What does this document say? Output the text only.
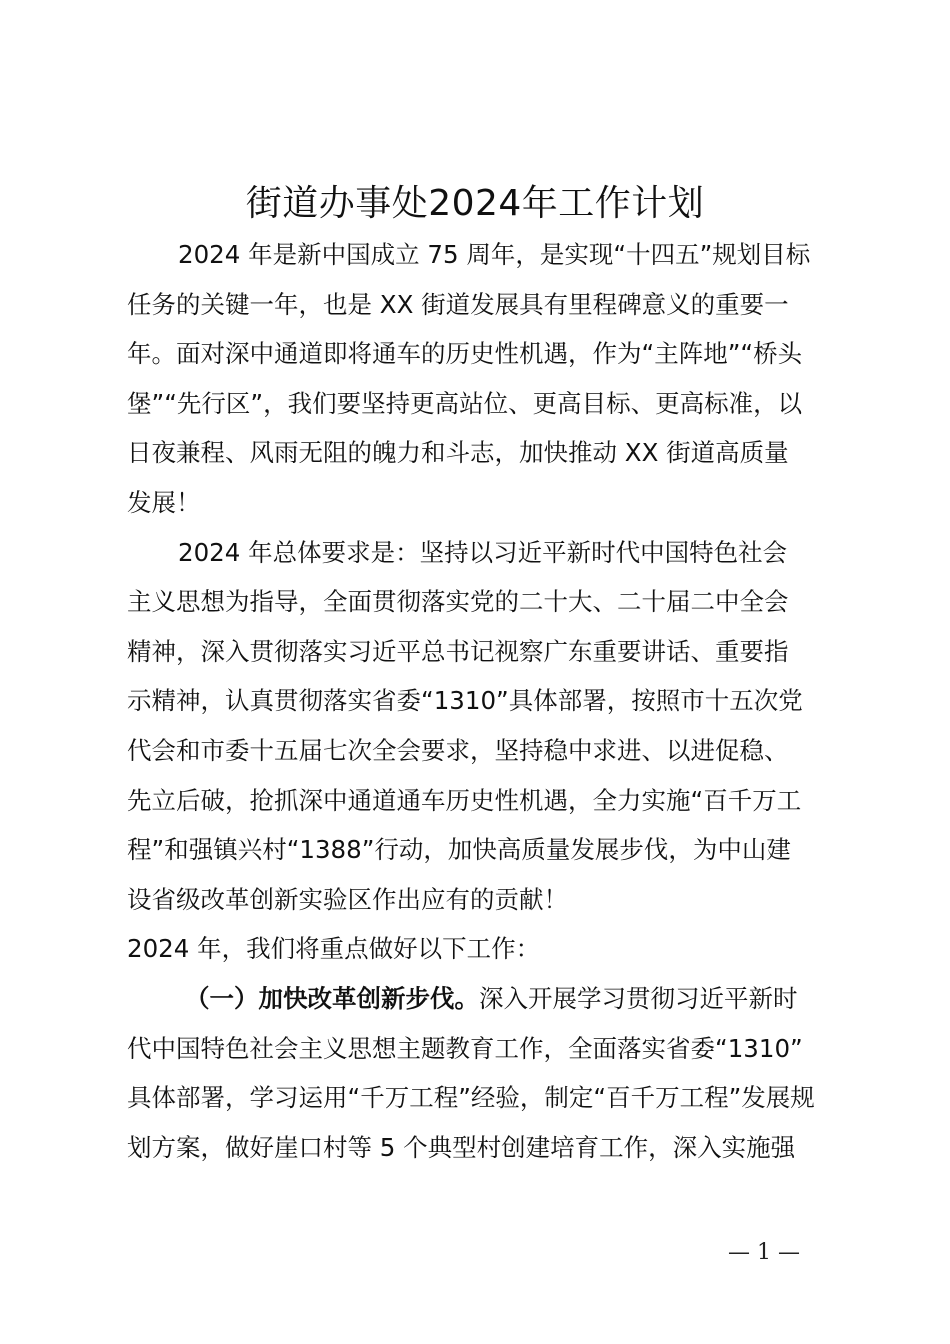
街道办事处2024年工作计划
2024 年是新中国成立 75 周年，是实现“十四五”规划目标
任务的关键一年，也是 XX 街道发展具有里程碑意义的重要一
年。面对深中通道即将通车的历史性机遇，作为“主阵地”“桥头
堡”“先行区”，我们要坚持更高站位、更高目标、更高标准，以
日夜兼程、风雨无阻的魄力和斗志，加快推动 XX 街道高质量
发展！
2024 年总体要求是：坚持以习近平新时代中国特色社会
主义思想为指导，全面贯彻落实党的二十大、二十届二中全会
精神，深入贯彻落实习近平总书记视察广东重要讲话、重要指
示精神，认真贯彻落实省委“1310”具体部署，按照市十五次党
代会和市委十五届七次全会要求，坚持稳中求进、以进促稳、
先立后破，抢抓深中通道通车历史性机遇，全力实施“百千万工
程”和强镇兴村“1388”行动，加快高质量发展步伐，为中山建
设省级改革创新实验区作出应有的贡献！
2024 年，我们将重点做好以下工作：
（一）加快改革创新步伐。深入开展学习贯彻习近平新时
代中国特色社会主义思想主题教育工作，全面落实省委“1310”
具体部署，学习运用“千万工程”经验，制定“百千万工程”发展规
划方案，做好崖口村等 5 个典型村创建培育工作，深入实施强
— 1 —
